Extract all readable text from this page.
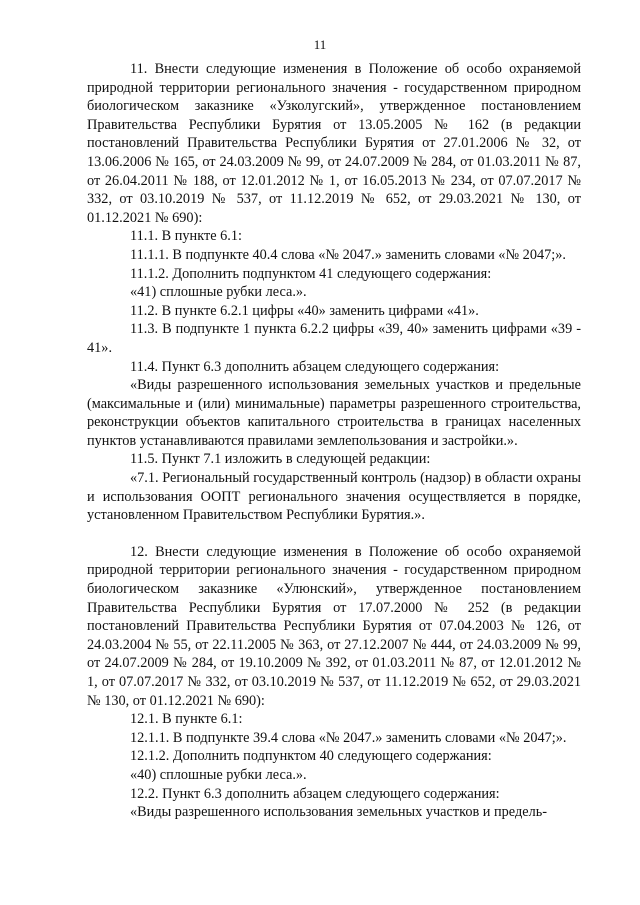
11

11. Внести следующие изменения в Положение об особо охраняемой природной территории регионального значения - государственном природном биологическом заказнике «Узколугский», утвержденное постановлением Правительства Республики Бурятия от 13.05.2005 № 162 (в редакции постановлений Правительства Республики Бурятия от 27.01.2006 № 32, от 13.06.2006 № 165, от 24.03.2009 № 99, от 24.07.2009 № 284, от 01.03.2011 № 87, от 26.04.2011 № 188, от 12.01.2012 № 1, от 16.05.2013 № 234, от 07.07.2017 № 332, от 03.10.2019 № 537, от 11.12.2019 № 652, от 29.03.2021 № 130, от 01.12.2021 № 690):

11.1. В пункте 6.1:

11.1.1. В подпункте 40.4 слова «№ 2047.» заменить словами «№ 2047;».

11.1.2. Дополнить подпунктом 41 следующего содержания:

«41) сплошные рубки леса.».

11.2. В пункте 6.2.1 цифры «40» заменить цифрами «41».

11.3. В подпункте 1 пункта 6.2.2 цифры «39, 40» заменить цифрами «39 - 41».

11.4. Пункт 6.3 дополнить абзацем следующего содержания:

«Виды разрешенного использования земельных участков и предельные (максимальные и (или) минимальные) параметры разрешенного строительства, реконструкции объектов капитального строительства в границах населенных пунктов устанавливаются правилами землепользования и застройки.».

11.5. Пункт 7.1 изложить в следующей редакции:

«7.1. Региональный государственный контроль (надзор) в области охраны и использования ООПТ регионального значения осуществляется в порядке, установленном Правительством Республики Бурятия.».

12. Внести следующие изменения в Положение об особо охраняемой природной территории регионального значения - государственном природном биологическом заказнике «Улюнский», утвержденное постановлением Правительства Республики Бурятия от 17.07.2000 № 252 (в редакции постановлений Правительства Республики Бурятия от 07.04.2003 № 126, от 24.03.2004 № 55, от 22.11.2005 № 363, от 27.12.2007 № 444, от 24.03.2009 № 99, от 24.07.2009 № 284, от 19.10.2009 № 392, от 01.03.2011 № 87, от 12.01.2012 № 1, от 07.07.2017 № 332, от 03.10.2019 № 537, от 11.12.2019 № 652, от 29.03.2021 № 130, от 01.12.2021 № 690):

12.1. В пункте 6.1:

12.1.1. В подпункте 39.4 слова «№ 2047.» заменить словами «№ 2047;».

12.1.2. Дополнить подпунктом 40 следующего содержания:

«40) сплошные рубки леса.».

12.2. Пункт 6.3 дополнить абзацем следующего содержания:

«Виды разрешенного использования земельных участков и предель-
